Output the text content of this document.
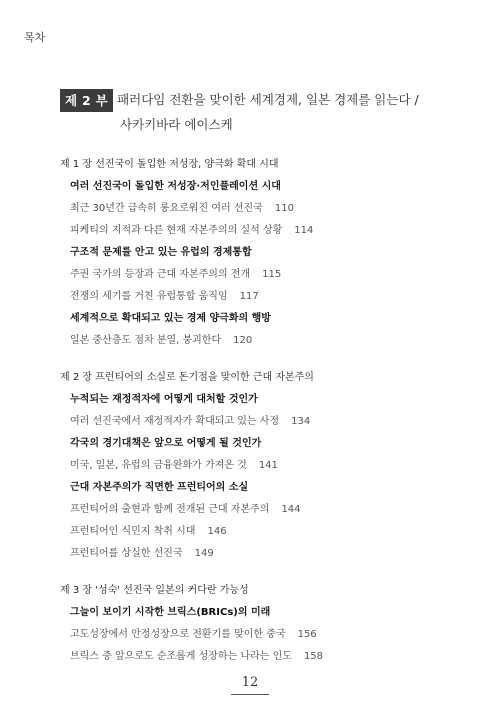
목차
제 2 부 패러다임 전환을 맞이한 세계경제, 일본 경제를 읽는다 /
사카키바라 에이스케
제 1 장 선진국이 돌입한 저성장, 양극화 확대 시대
여러 선진국이 돌입한 저성장·저인플레이션 시대
최근 30년간 급속히 롱요로워진 여러 선진국 110
피케티의 지적과 다른 현재 자본주의의 실석 상황 114
구조적 문제를 안고 있는 유럽의 경제통합
주권 국가의 등장과 근대 자본주의의 전개 115
전쟁의 세기를 거친 유럽통합 움직임 117
세계적으로 확대되고 있는 경제 양극화의 행방
일본 중산층도 점차 분열, 붕괴한다 120
제 2 장 프런티어의 소실로 돈기점을 맞이한 근대 자본주의
누적되는 재정적자에 어떻게 대처할 것인가
여러 선진국에서 재정적자가 확대되고 있는 사정 134
각국의 경기대책은 앞으로 어떻게 될 것인가
미국, 일본, 유럽의 금융완화가 가져온 것 141
근대 자본주의가 직면한 프런티어의 소실
프런티어의 출현과 함께 전개된 근대 자본주의 144
프런티어인 식민지 착취 시대 146
프런티어를 상실한 선진국 149
제 3 장 '성숙' 선진국 일본의 커다란 가능성
그늘이 보이기 시작한 브릭스(BRICs)의 미래
고도성장에서 안정성장으로 전환기를 맞이한 중국 156
브릭스 중 앞으로도 순조롭게 성장하는 나라는 인도 158
12
